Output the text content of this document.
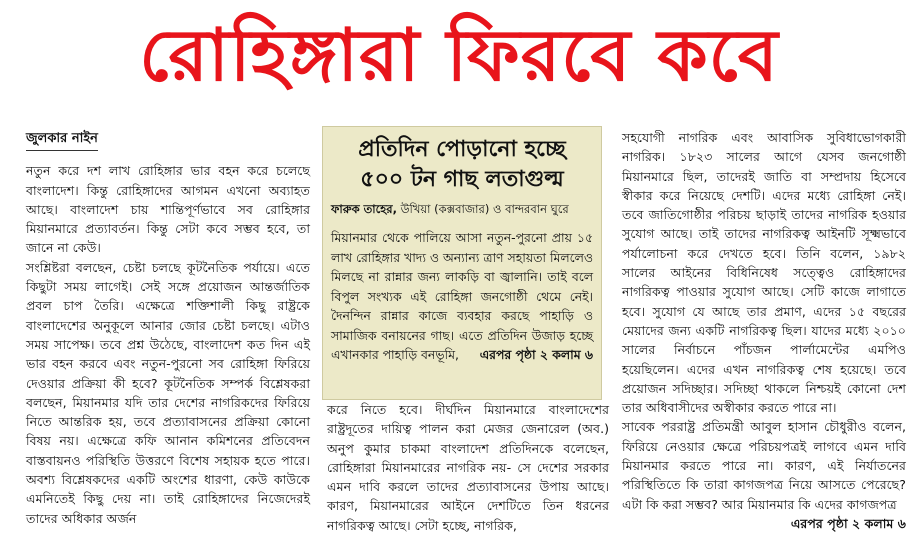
রোহিঙ্গারা ফিরবে কবে
জুলকার নাইন

নতুন করে দশ লাখ রোহিঙ্গার ভার বহন করে চলেছে বাংলাদেশ। কিন্তু রোহিঙ্গাদের আগমন এখনো অব্যাহত আছে। বাংলাদেশ চায় শান্তিপূর্ণভাবে সব রোহিঙ্গার মিয়ানমারে প্রত্যাবর্তন। কিন্তু সেটা কবে সম্ভব হবে, তা জানে না কেউ।

সংশ্লিষ্টরা বলছেন, চেষ্টা চলছে কূটনৈতিক পর্যায়ে। এতে কিছুটা সময় লাগেই। সেই সঙ্গে প্রয়োজন আন্তর্জাতিক প্রবল চাপ তৈরি। এক্ষেত্রে শক্তিশালী কিছু রাষ্ট্রকে বাংলাদেশের অনুকূলে আনার জোর চেষ্টা চলছে। এটাও সময় সাপেক্ষ। তবে প্রশ্ন উঠেছে, বাংলাদেশ কত দিন এই ভার বহন করবে এবং নতুন-পুরনো সব রোহিঙ্গা ফিরিয়ে দেওয়ার প্রক্রিয়া কী হবে? কূটনৈতিক সম্পর্ক বিশ্লেষকরা বলছেন, মিয়ানমার যদি তার দেশের নাগরিকদের ফিরিয়ে নিতে আন্তরিক হয়, তবে প্রত্যাবাসনের প্রক্রিয়া কোনো বিষয় নয়। এক্ষেত্রে কফি আনান কমিশনের প্রতিবেদন বাস্তবায়নও পরিস্থিতি উত্তরণে বিশেষ সহায়ক হতে পারে। অবশ্য বিশ্লেষকদের একটি অংশের ধারণা, কেউ কাউকে এমনিতেই কিছু দেয় না। তাই রোহিঙ্গাদের নিজেদেরই তাদের অধিকার অর্জন

প্রতিদিন পোড়ানো হচ্ছে
৫০০ টন গাছ লতাগুল্ম
ফারুক তাহের, উখিয়া (কক্সবাজার) ও বান্দরবান ঘুরে
মিয়ানমার থেকে পালিয়ে আসা নতুন-পুরনো প্রায় ১৫ লাখ রোহিঙ্গার খাদ্য ও অন্যান্য ত্রাণ সহায়তা মিললেও মিলছে না রান্নার জন্য লাকড়ি বা জ্বালানি। তাই বলে বিপুল সংখ্যক এই রোহিঙ্গা জনগোষ্ঠী থেমে নেই। দৈনন্দিন রান্নার কাজে ব্যবহার করছে পাহাড়ি ও সামাজিক বনায়নের গাছ। এতে প্রতিদিন উজাড় হচ্ছে এখানকার পাহাড়ি বনভূমি, এরপর পৃষ্ঠা ২ কলাম ৬

করে নিতে হবে। দীর্ঘদিন মিয়ানমারে বাংলাদেশের রাষ্ট্রদূতের দায়িত্ব পালন করা মেজর জেনারেল (অব.) অনুপ কুমার চাকমা বাংলাদেশ প্রতিদিনকে বলেছেন, রোহিঙ্গারা মিয়ানমারের নাগরিক নয়- সে দেশের সরকার এমন দাবি করলে তাদের প্রত্যাবাসনের উপায় আছে। কারণ, মিয়ানমারের আইনে দেশটিতে তিন ধরনের নাগরিকত্ব আছে। সেটা হচ্ছে, নাগরিক,

সহযোগী নাগরিক এবং আবাসিক সুবিধাভোগকারী নাগরিক। ১৮২৩ সালের আগে যেসব জনগোষ্ঠী মিয়ানমারে ছিল, তাদেরই জাতি বা সম্প্রদায় হিসেবে স্বীকার করে নিয়েছে দেশটি। এদের মধ্যে রোহিঙ্গা নেই। তবে জাতিগোষ্ঠীর পরিচয় ছাড়াই তাদের নাগরিক হওয়ার সুযোগ আছে। তাই তাদের নাগরিকত্ব আইনটি সূক্ষ্মভাবে পর্যালোচনা করে দেখতে হবে। তিনি বলেন, ১৯৮২ সালের আইনের বিধিনিষেধ সত্ত্বেও রোহিঙ্গাদের নাগরিকত্ব পাওয়ার সুযোগ আছে। সেটি কাজে লাগাতে হবে। সুযোগ যে আছে তার প্রমাণ, এদের ১৫ বছরের মেয়াদের জন্য একটি নাগরিকত্ব ছিল। যাদের মধ্যে ২০১০ সালের নির্বাচনে পাঁচজন পার্লামেন্টের এমপিও হয়েছিলেন। এদের এখন নাগরিকত্ব শেষ হয়েছে। তবে প্রয়োজন সদিচ্ছার। সদিচ্ছা থাকলে নিশ্চয়ই কোনো দেশ তার অধিবাসীদের অস্বীকার করতে পারে না।

সাবেক পররাষ্ট্র প্রতিমন্ত্রী আবুল হাসান চৌধুরীও বলেন, ফিরিয়ে নেওয়ার ক্ষেত্রে পরিচয়পত্রই লাগবে এমন দাবি মিয়ানমার করতে পারে না। কারণ, এই নির্যাতনের পরিস্থিতিতে কি তারা কাগজপত্র নিয়ে আসতে পেরেছে? এটা কি করা সম্ভব? আর মিয়ানমার কি এদের কাগজপত্র

এরপর পৃষ্ঠা ২ কলাম ৬
